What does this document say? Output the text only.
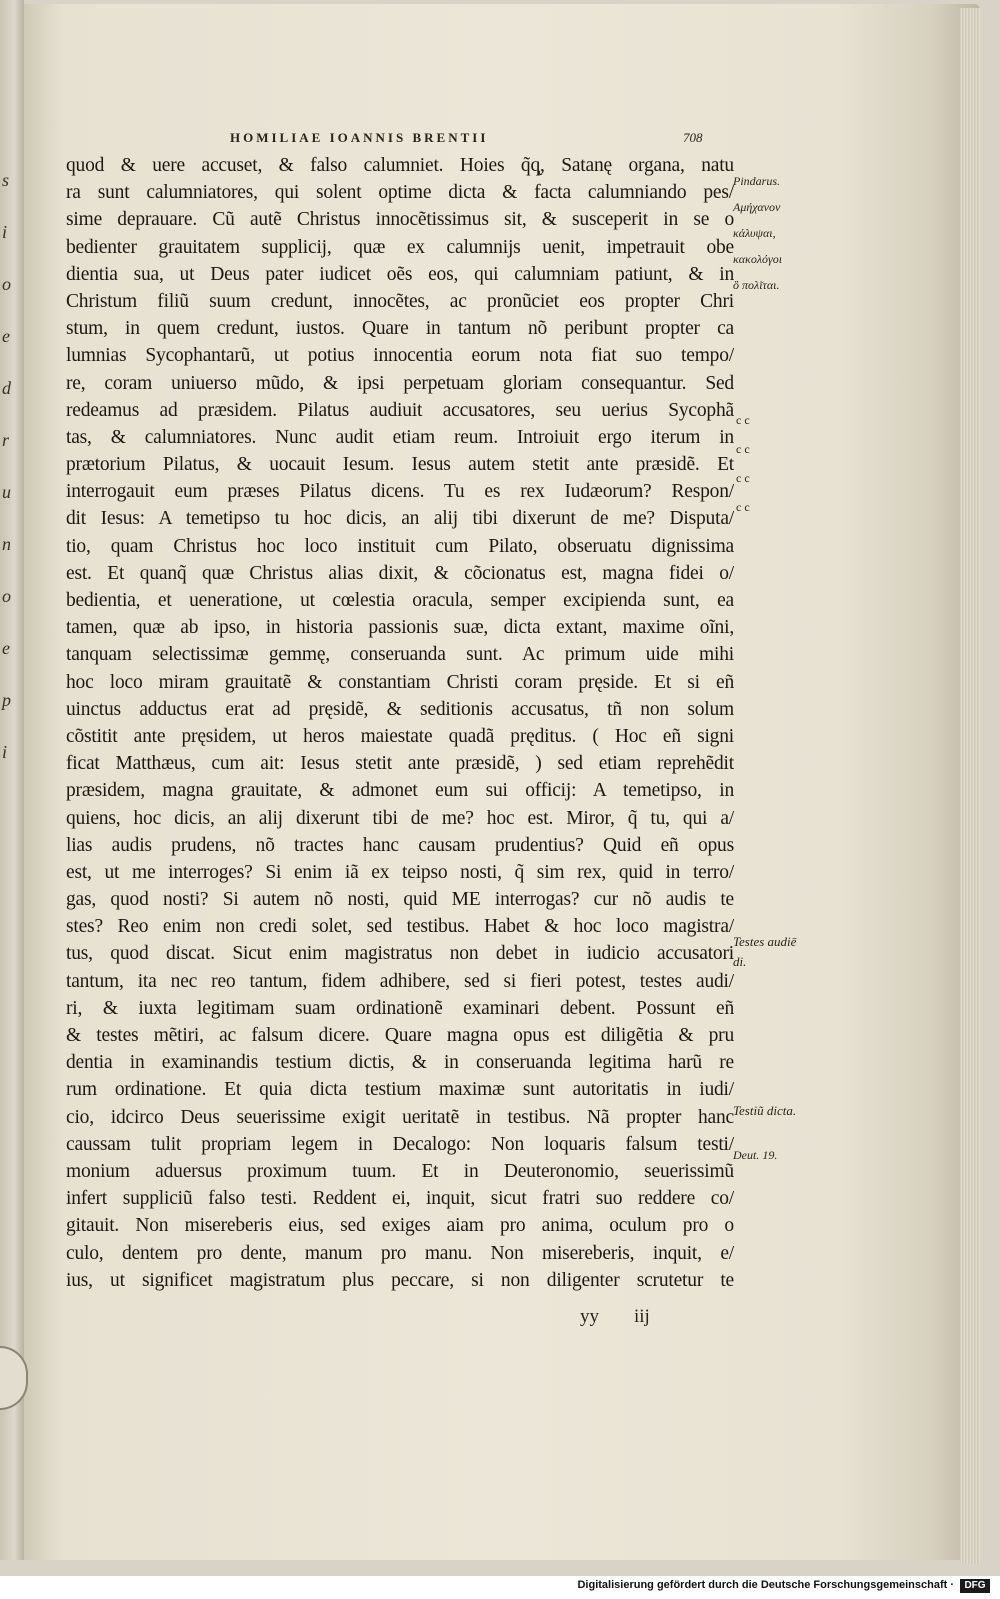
s
i
o
e
d
r
u
n
o
e
p
i
HOMILIAE IOANNIS BRENTII	708
quod & uere accuset, & falso calumniet. Hoies q̃q̨, Satanę organa, natu
ra sunt calumniatores, qui solent optime dicta & facta calumniando pes/
sime deprauare. Cũ autẽ Christus innocẽtissimus sit, & susceperit in se o
bedienter grauitatem supplicij, quæ ex calumnijs uenit, impetrauit obe
dientia sua, ut Deus pater iudicet oẽs eos, qui calumniam patiunt, & in
Christum filiũ suum credunt, innocẽtes, ac pronũciet eos propter Chri
stum, in quem credunt, iustos. Quare in tantum nõ peribunt propter ca
lumnias Sycophantarũ, ut potius innocentia eorum nota fiat suo tempo/
re, coram uniuerso mũdo, & ipsi perpetuam gloriam consequantur. Sed
redeamus ad præsidem. Pilatus audiuit accusatores, seu uerius Sycophã
tas, & calumniatores. Nunc audit etiam reum. Introiuit ergo iterum in
prætorium Pilatus, & uocauit Iesum. Iesus autem stetit ante præsidẽ. Et
interrogauit eum præses Pilatus dicens. Tu es rex Iudæorum? Respon/
dit Iesus: A temetipso tu hoc dicis, an alij tibi dixerunt de me? Disputa/
tio, quam Christus hoc loco instituit cum Pilato, obseruatu dignissima
est. Et quanq̃ quæ Christus alias dixit, & cõcionatus est, magna fidei o/
bedientia, et ueneratione, ut cœlestia oracula, semper excipienda sunt, ea
tamen, quæ ab ipso, in historia passionis suæ, dicta extant, maxime oĩni,
tanquam selectissimæ gemmę, conseruanda sunt. Ac primum uide mihi
hoc loco miram grauitatẽ & constantiam Christi coram pręside. Et si eñ
uinctus adductus erat ad pręsidẽ, & seditionis accusatus, tñ non solum
cõstitit ante pręsidem, ut heros maiestate quadã pręditus. ( Hoc eñ signi
ficat Matthæus, cum ait: Iesus stetit ante præsidẽ, ) sed etiam reprehẽdit
præsidem, magna grauitate, & admonet eum sui officij: A temetipso, in
quiens, hoc dicis, an alij dixerunt tibi de me? hoc est. Miror, q̃ tu, qui a/
lias audis prudens, nõ tractes hanc causam prudentius? Quid eñ opus
est, ut me interroges? Si enim iã ex teipso nosti, q̃ sim rex, quid in terro/
gas, quod nosti? Si autem nõ nosti, quid ME interrogas? cur nõ audis te
stes? Reo enim non credi solet, sed testibus. Habet & hoc loco magistra/
tus, quod discat. Sicut enim magistratus non debet in iudicio accusatori
tantum, ita nec reo tantum, fidem adhibere, sed si fieri potest, testes audi/
ri, & iuxta legitimam suam ordinationẽ examinari debent. Possunt eñ
& testes mẽtiri, ac falsum dicere. Quare magna opus est diligẽtia & pru
dentia in examinandis testium dictis, & in conseruanda legitima harũ re
rum ordinatione. Et quia dicta testium maximæ sunt autoritatis in iudi/
cio, idcirco Deus seuerissime exigit ueritatẽ in testibus. Nã propter hanc
caussam tulit propriam legem in Decalogo: Non loquaris falsum testi/
monium aduersus proximum tuum. Et in Deuteronomio, seuerissimũ
infert suppliciũ falso testi. Reddent ei, inquit, sicut fratri suo reddere co/
gitauit. Non misereberis eius, sed exiges aiam pro anima, oculum pro o
culo, dentem pro dente, manum pro manu. Non misereberis, inquit, e/
ius, ut significet magistratum plus peccare, si non diligenter scrutetur te
Pindarus.
Αμήχανον
κάλυψαι,
κακολόγοι
ὃ πολῖται.
c c
c c
c c
c c
Testes audiē
di.
Testiũ dicta.
Deut. 19.
yy iij
Digitalisierung gefördert durch die Deutsche Forschungsgemeinschaft ·	DFG
